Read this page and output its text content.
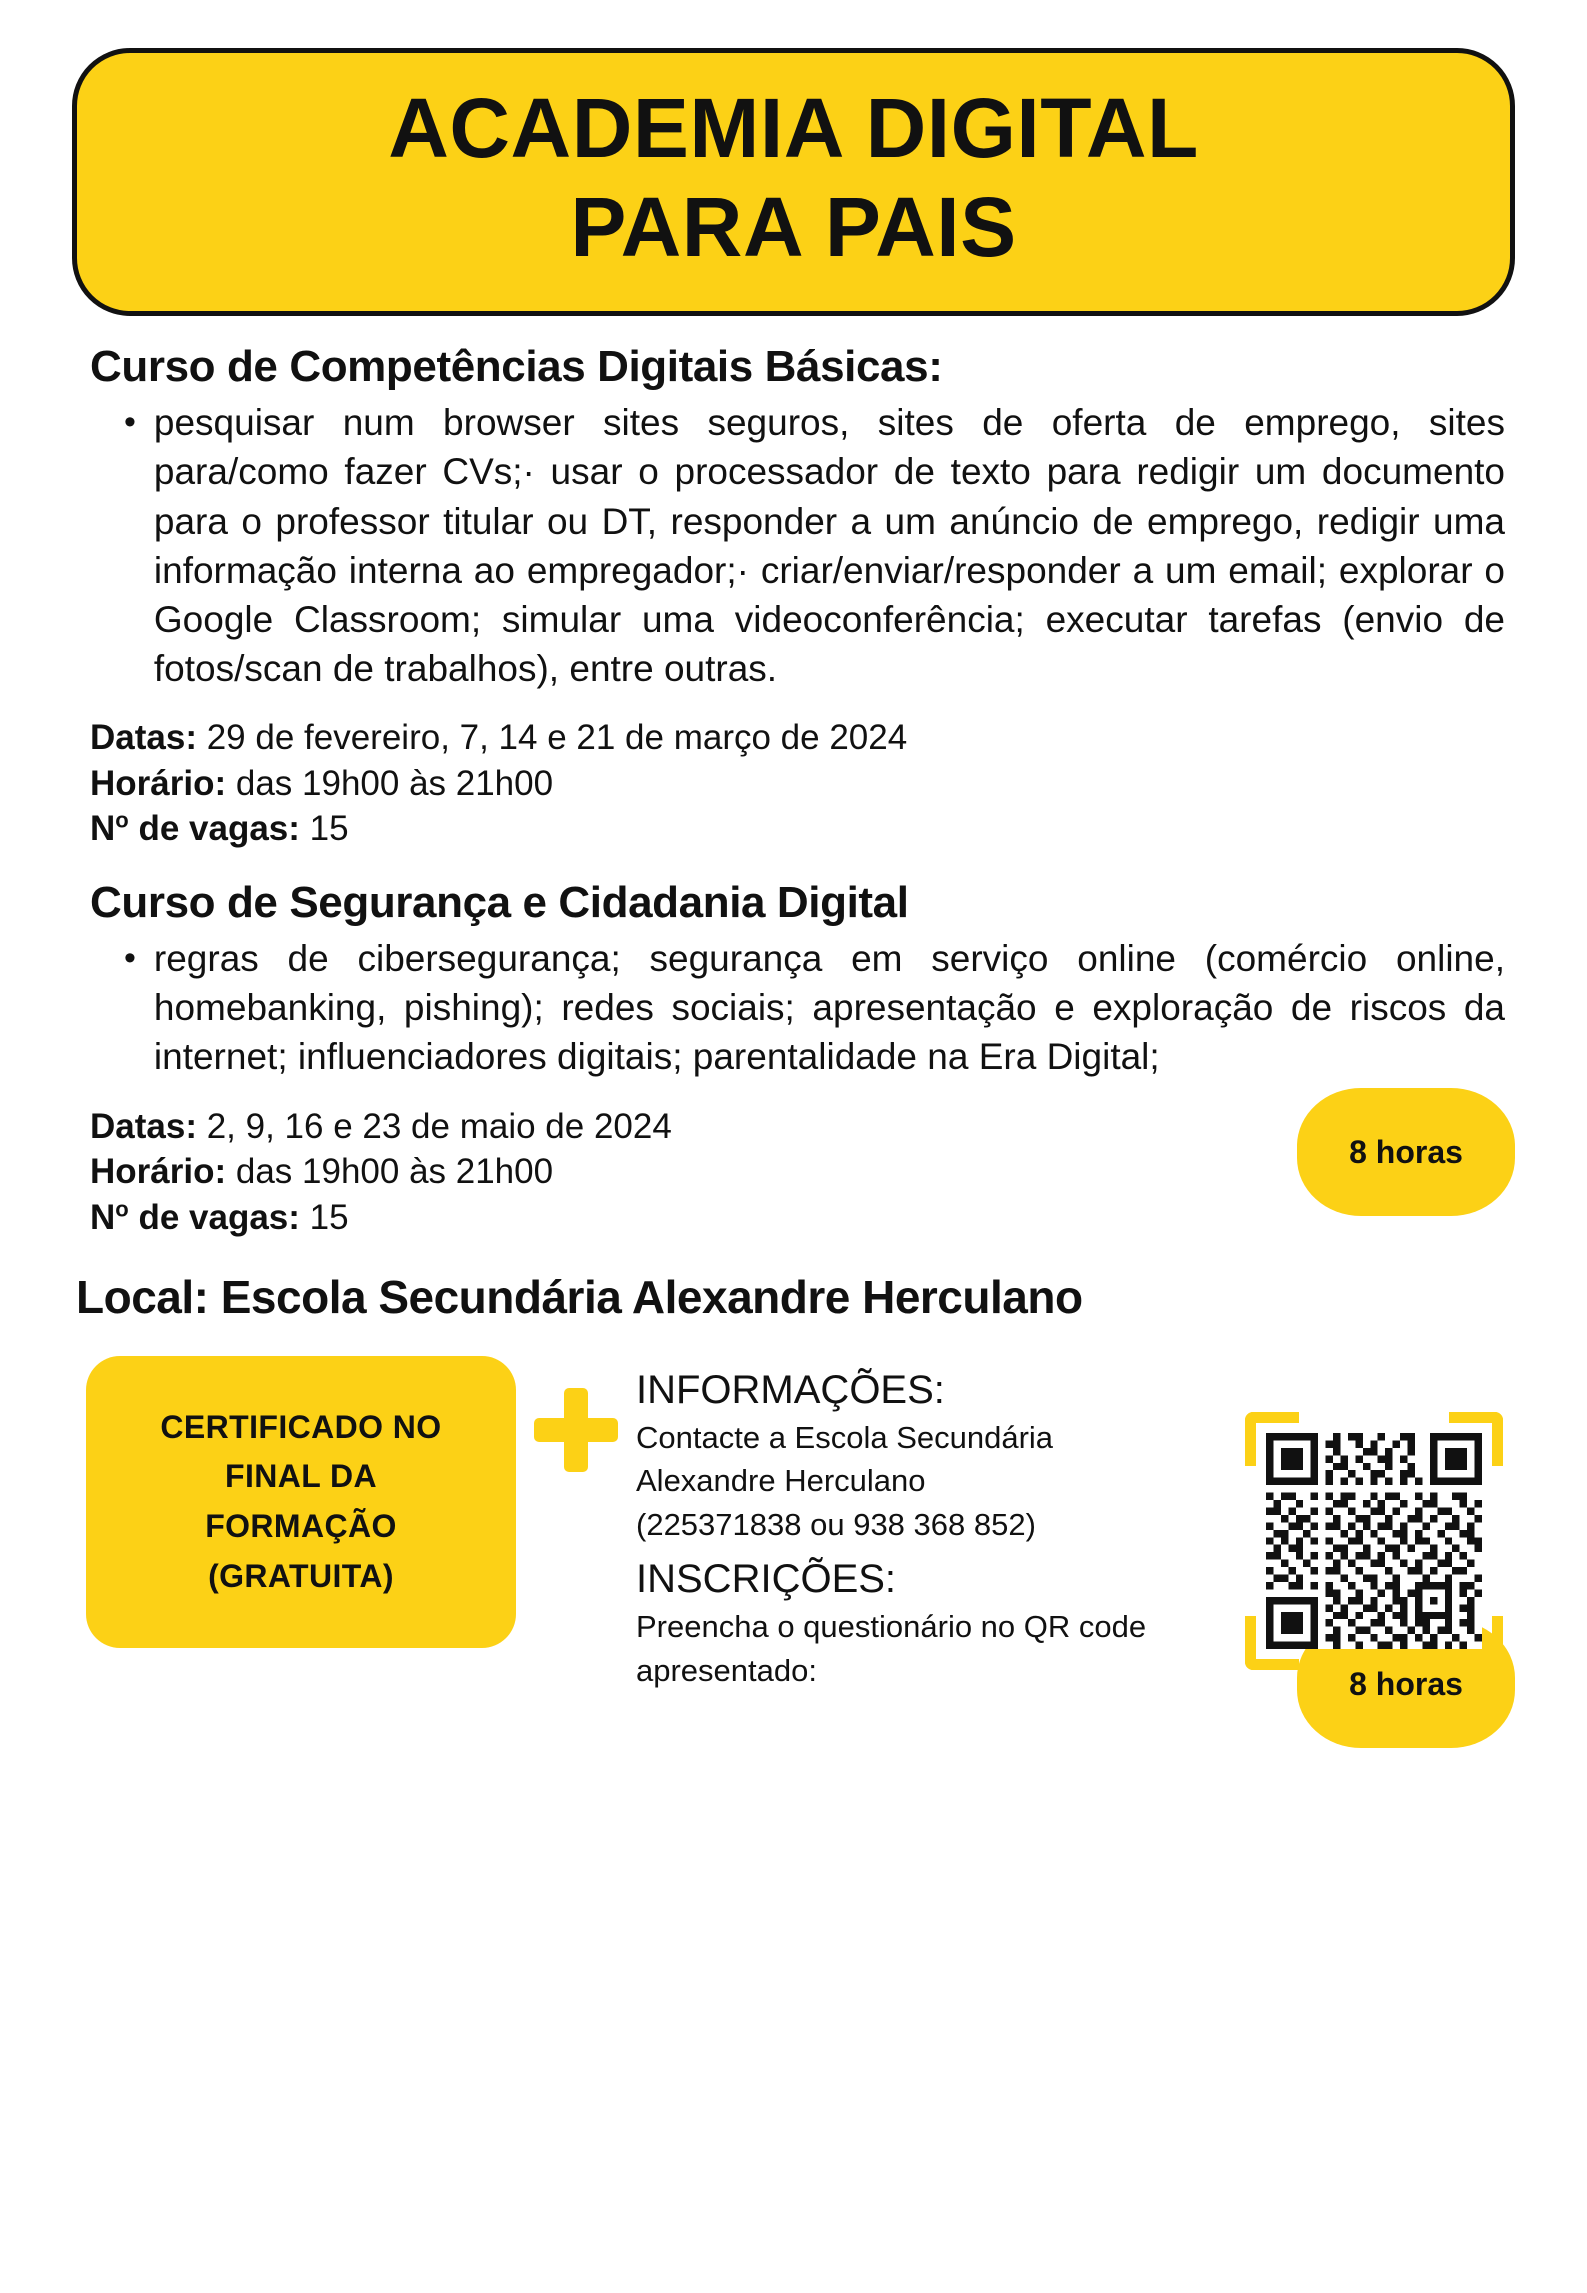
ACADEMIA DIGITAL
PARA PAIS
Curso de Competências Digitais Básicas:
• pesquisar num browser sites seguros, sites de oferta de emprego, sites para/como fazer CVs;· usar o processador de texto para redigir um documento para o professor titular ou DT, responder a um anúncio de emprego, redigir uma informação interna ao empregador;· criar/enviar/responder a um email; explorar o Google Classroom; simular uma videoconferência; executar tarefas (envio de fotos/scan de trabalhos), entre outras.
Datas: 29 de fevereiro, 7, 14 e 21 de março de 2024
Horário: das 19h00 às 21h00
$N^o$ de vagas: 15
8 horas
Curso de Segurança e Cidadania Digital
• regras de cibersegurança; segurança em serviço online (comércio online, homebanking, pishing); redes sociais; apresentação e exploração de riscos da internet; influenciadores digitais; parentalidade na Era Digital;
Datas: 2, 9, 16 e 23 de maio de 2024
Horário: das 19h00 às 21h00
$N^o$ de vagas: 15
8 horas
Local: Escola Secundária Alexandre Herculano
CERTIFICADO NO
FINAL DA
FORMAÇÃO
(GRATUITA)
INFORMAÇÕES:
Contacte a Escola Secundária
Alexandre Herculano
(225371838 ou 938 368 852)
INSCRIÇÕES:
Preencha o questionário no QR code
apresentado:
